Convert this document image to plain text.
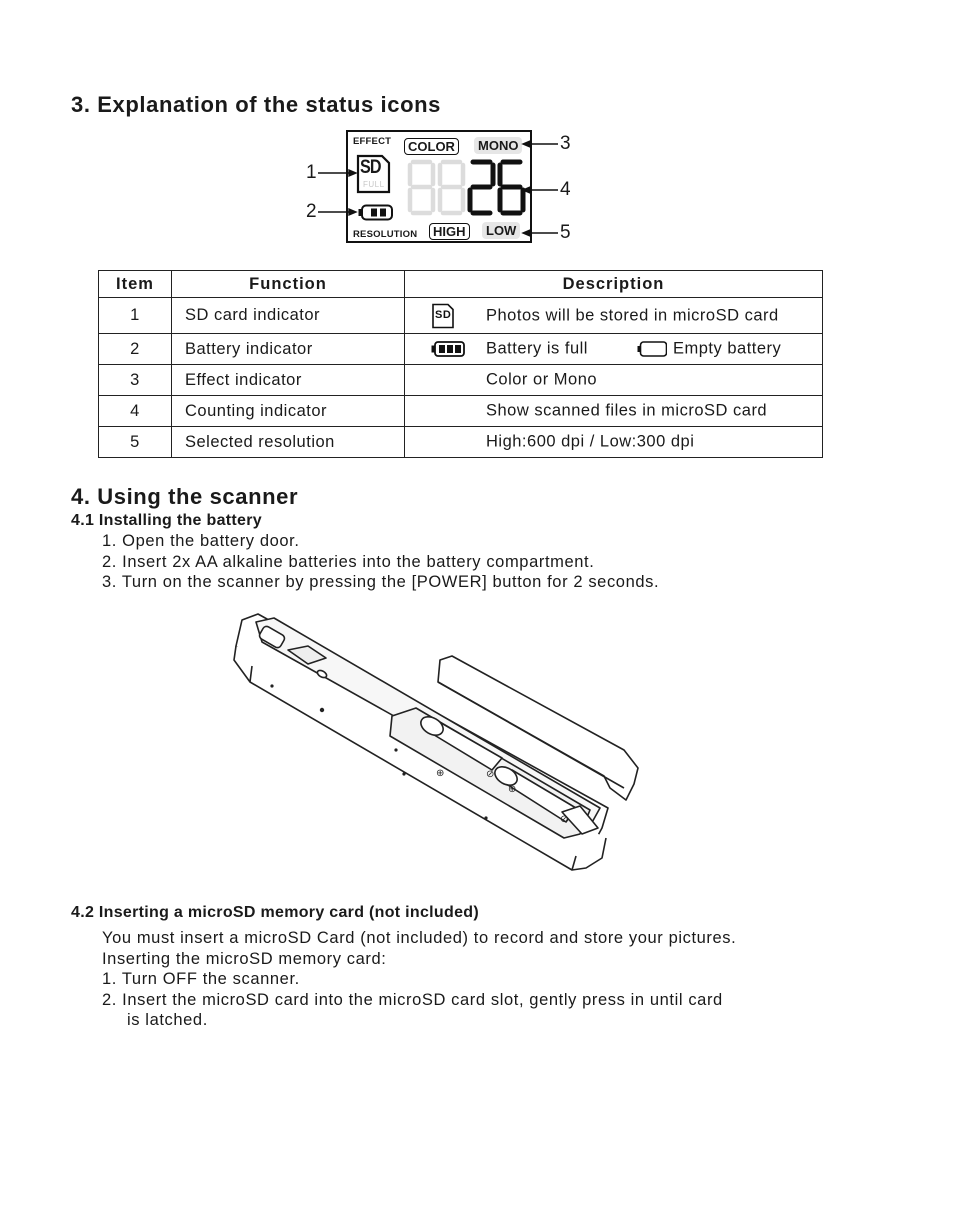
3. Explanation of the status icons
EFFECT	COLOR	MONO
SD
FULL
RESOLUTION	HIGH	LOW
1
2
3
4
5
Item	Function	Description
1	SD card indicator	SD Photos will be stored in microSD card

2	Battery indicator	Battery is full Empty battery

3	Effect indicator	Color or Mono

4	Counting indicator	Show scanned files in microSD card

5	Selected resolution	High:600 dpi / Low:300 dpi
4. Using the scanner
4.1 Installing the battery
1. Open the battery door.
2. Insert 2x AA alkaline batteries into the battery compartment.
3. Turn on the scanner by pressing the [POWER] button for 2 seconds.
⊕	⊘
⊕
⊘
4.2 Inserting a microSD memory card (not included)
You must insert a microSD Card (not included) to record and store your pictures.
Inserting the microSD memory card:
1. Turn OFF the scanner.
2. Insert the microSD card into the microSD card slot, gently press in until card
is latched.
